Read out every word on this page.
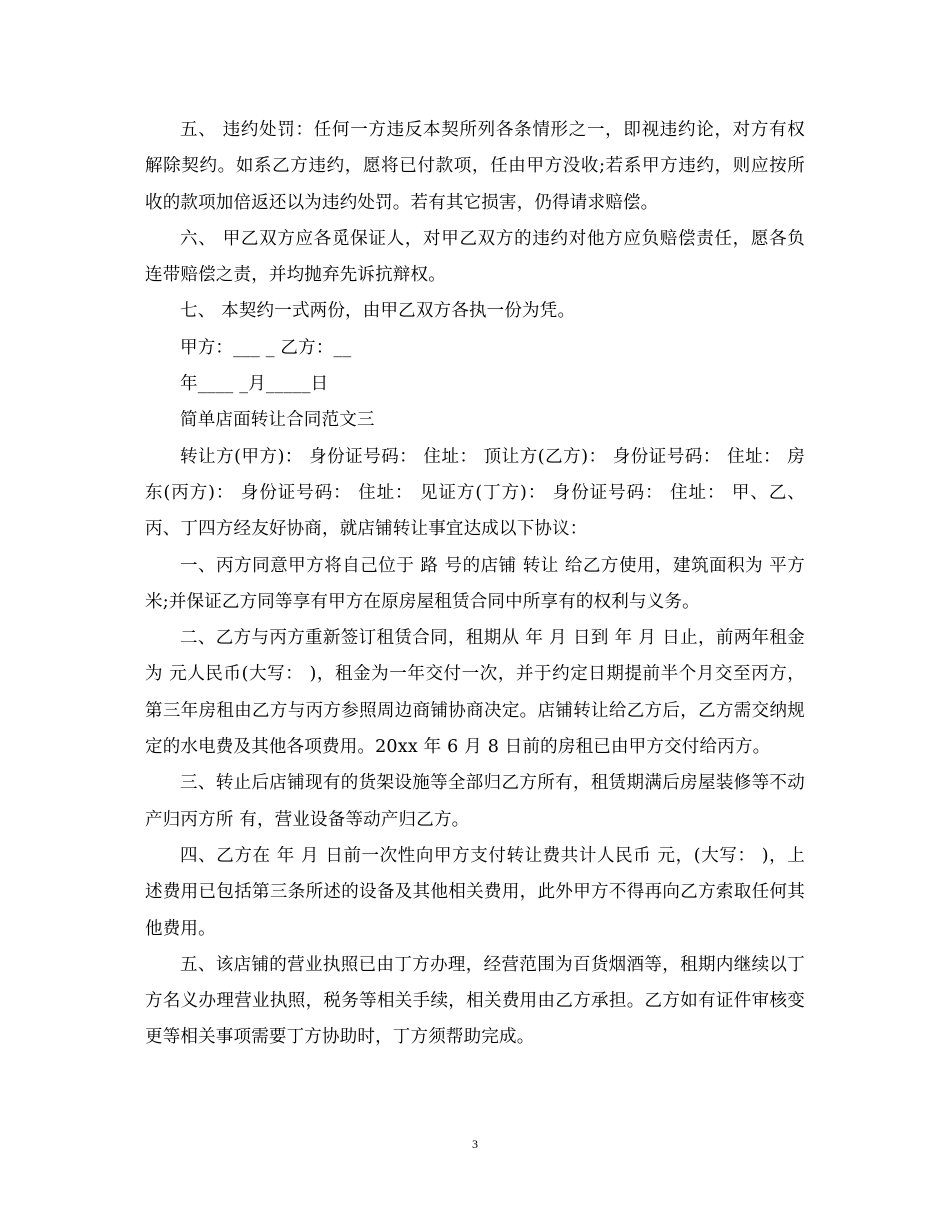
五、 违约处罚：任何一方违反本契所列各条情形之一，即视违约论，对方有权解除契约。如系乙方违约，愿将已付款项，任由甲方没收;若系甲方违约，则应按所收的款项加倍返还以为违约处罚。若有其它损害，仍得请求赔偿。

六、 甲乙双方应各觅保证人，对甲乙双方的违约对他方应负赔偿责任，愿各负连带赔偿之责，并均抛弃先诉抗辩权。

七、 本契约一式两份，由甲乙双方各执一份为凭。

甲方：___ _ 乙方：__

年____ _月_____日

简单店面转让合同范文三

转让方(甲方)： 身份证号码： 住址： 顶让方(乙方)： 身份证号码： 住址： 房东(丙方)： 身份证号码： 住址： 见证方(丁方)： 身份证号码： 住址： 甲、乙、丙、丁四方经友好协商，就店铺转让事宜达成以下协议：

一、丙方同意甲方将自己位于 路 号的店铺 转让 给乙方使用，建筑面积为 平方米;并保证乙方同等享有甲方在原房屋租赁合同中所享有的权利与义务。

二、乙方与丙方重新签订租赁合同，租期从 年 月 日到 年 月 日止，前两年租金为 元人民币(大写： )，租金为一年交付一次，并于约定日期提前半个月交至丙方，第三年房租由乙方与丙方参照周边商铺协商决定。店铺转让给乙方后，乙方需交纳规定的水电费及其他各项费用。20xx 年 6 月 8 日前的房租已由甲方交付给丙方。

三、转止后店铺现有的货架设施等全部归乙方所有，租赁期满后房屋装修等不动产归丙方所 有，营业设备等动产归乙方。

四、乙方在 年 月 日前一次性向甲方支付转让费共计人民币 元，(大写： )，上述费用已包括第三条所述的设备及其他相关费用，此外甲方不得再向乙方索取任何其他费用。

五、该店铺的营业执照已由丁方办理，经营范围为百货烟酒等，租期内继续以丁方名义办理营业执照，税务等相关手续，相关费用由乙方承担。乙方如有证件审核变更等相关事项需要丁方协助时，丁方须帮助完成。

3
